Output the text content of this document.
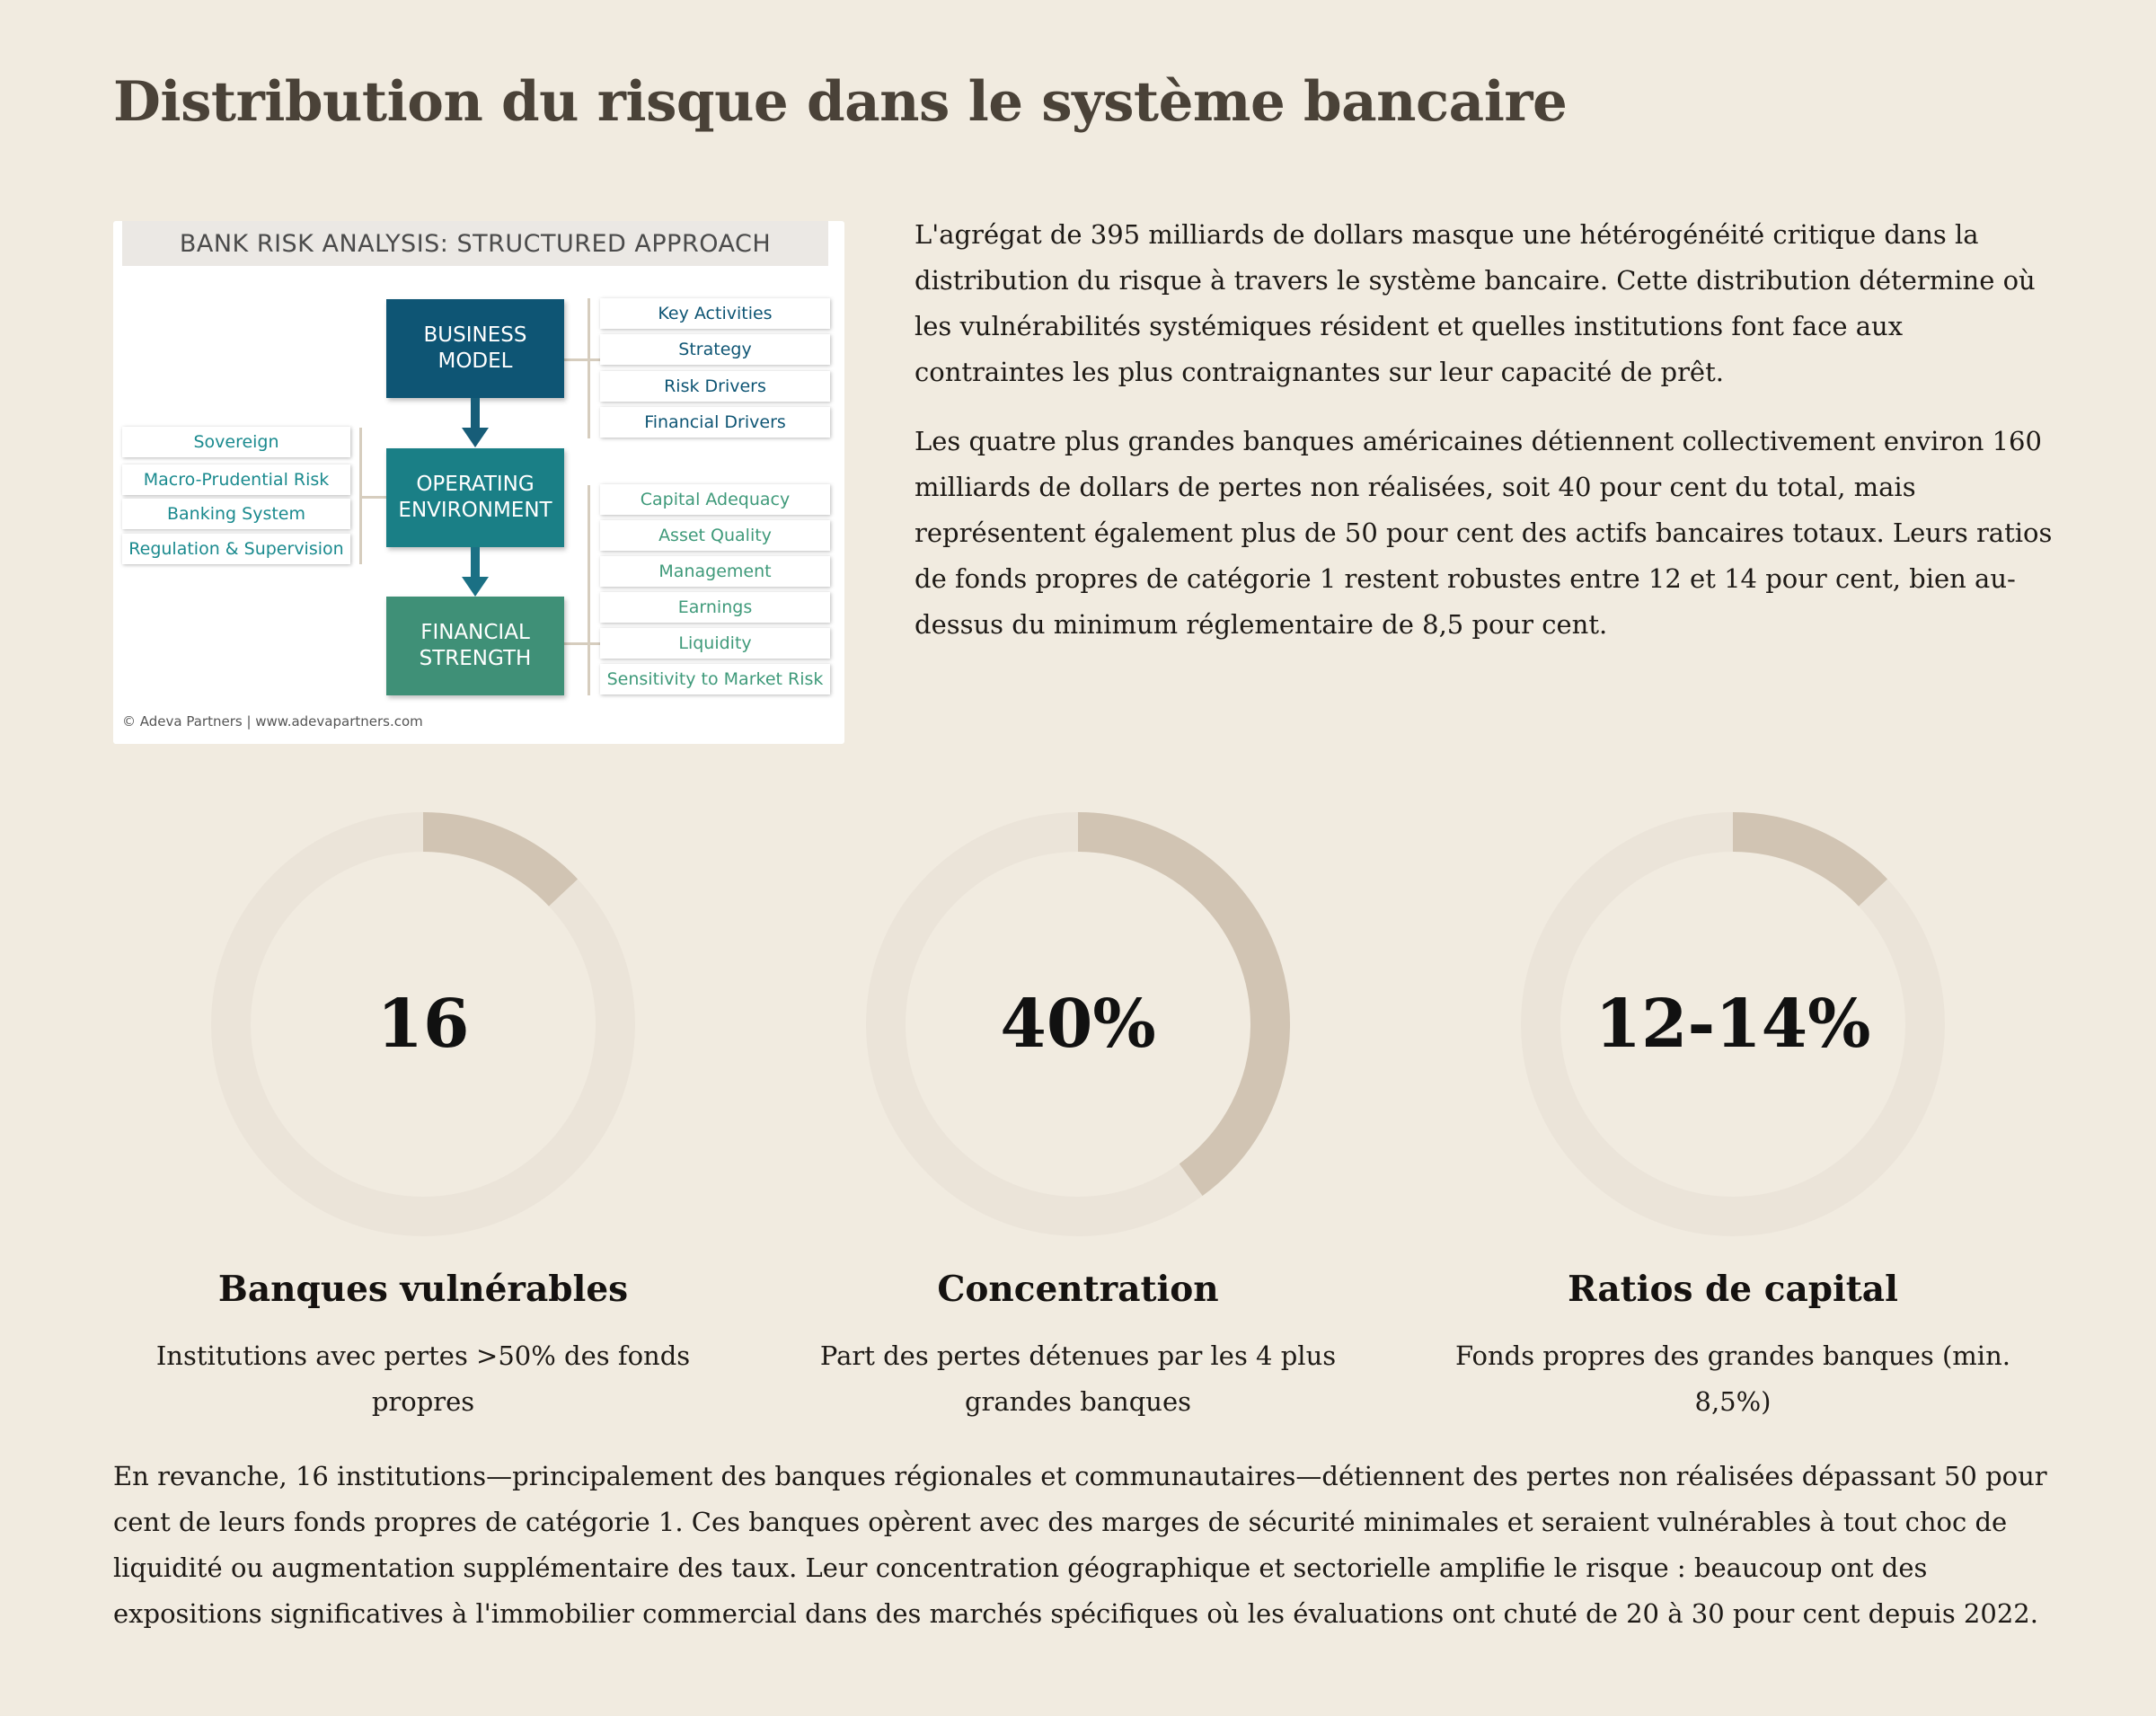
Distribution du risque dans le système bancaire
BANK RISK ANALYSIS: STRUCTURED APPROACH
BUSINESS
MODEL
OPERATING
ENVIRONMENT
FINANCIAL
STRENGTH
Key Activities
Strategy
Risk Drivers
Financial Drivers
Sovereign
Macro-Prudential Risk
Banking System
Regulation & Supervision
Capital Adequacy
Asset Quality
Management
Earnings
Liquidity
Sensitivity to Market Risk
© Adeva Partners | www.adevapartners.com

L'agrégat de 395 milliards de dollars masque une hétérogénéité critique dans la distribution du risque à travers le système bancaire. Cette distribution détermine où les vulnérabilités systémiques résident et quelles institutions font face aux contraintes les plus contraignantes sur leur capacité de prêt.

Les quatre plus grandes banques américaines détiennent collectivement environ 160 milliards de dollars de pertes non réalisées, soit 40 pour cent du total, mais représentent également plus de 50 pour cent des actifs bancaires totaux. Leurs ratios de fonds propres de catégorie 1 restent robustes entre 12 et 14 pour cent, bien au-dessus du minimum réglementaire de 8,5 pour cent.

16
Banques vulnérables
Institutions avec pertes >50% des fonds propres
40%
Concentration
Part des pertes détenues par les 4 plus grandes banques
12-14%
Ratios de capital
Fonds propres des grandes banques (min. 8,5%)

En revanche, 16 institutions—principalement des banques régionales et communautaires—détiennent des pertes non réalisées dépassant 50 pour cent de leurs fonds propres de catégorie 1. Ces banques opèrent avec des marges de sécurité minimales et seraient vulnérables à tout choc de liquidité ou augmentation supplémentaire des taux. Leur concentration géographique et sectorielle amplifie le risque : beaucoup ont des expositions significatives à l'immobilier commercial dans des marchés spécifiques où les évaluations ont chuté de 20 à 30 pour cent depuis 2022.
